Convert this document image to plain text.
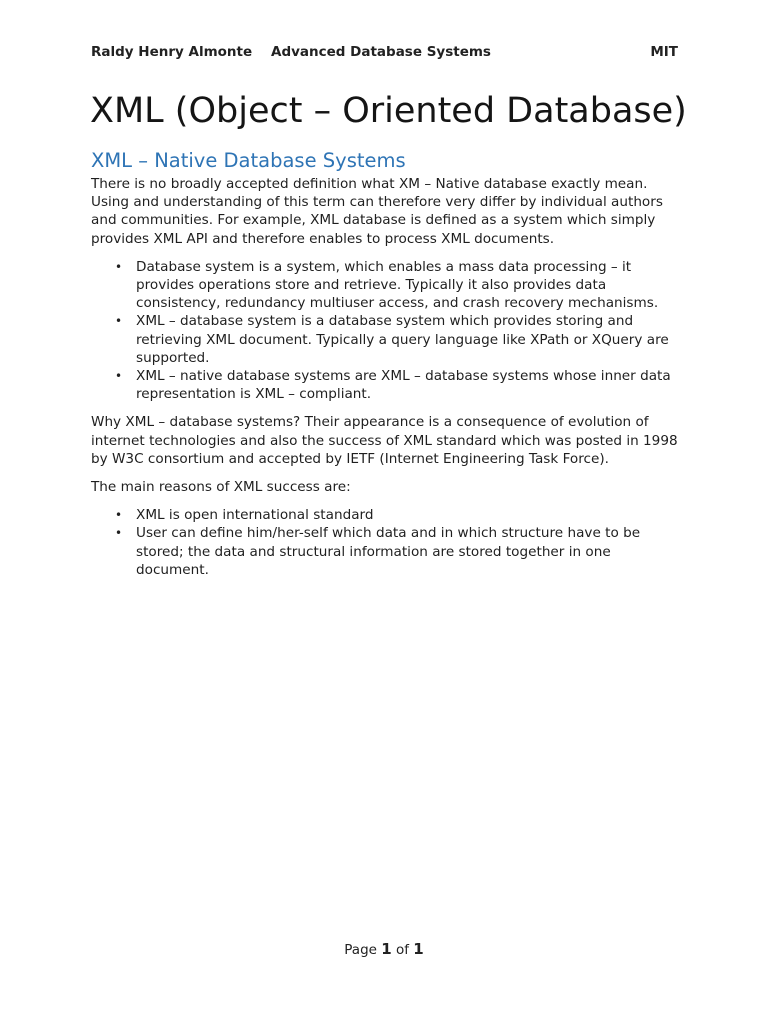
Raldy Henry Almonte Advanced Database Systems	MIT
XML (Object – Oriented Database)
XML – Native Database Systems

There is no broadly accepted definition what XM – Native database exactly mean. Using and understanding of this term can therefore very differ by individual authors and communities. For example, XML database is defined as a system which simply provides XML API and therefore enables to process XML documents.

• Database system is a system, which enables a mass data processing – it provides operations store and retrieve. Typically it also provides data consistency, redundancy multiuser access, and crash recovery mechanisms.
• XML – database system is a database system which provides storing and retrieving XML document. Typically a query language like XPath or XQuery are supported.
• XML – native database systems are XML – database systems whose inner data representation is XML – compliant.

Why XML – database systems? Their appearance is a consequence of evolution of internet technologies and also the success of XML standard which was posted in 1998 by W3C consortium and accepted by IETF (Internet Engineering Task Force).

The main reasons of XML success are:

• XML is open international standard
• User can define him/her-self which data and in which structure have to be stored; the data and structural information are stored together in one document.
Page 1 of 1
